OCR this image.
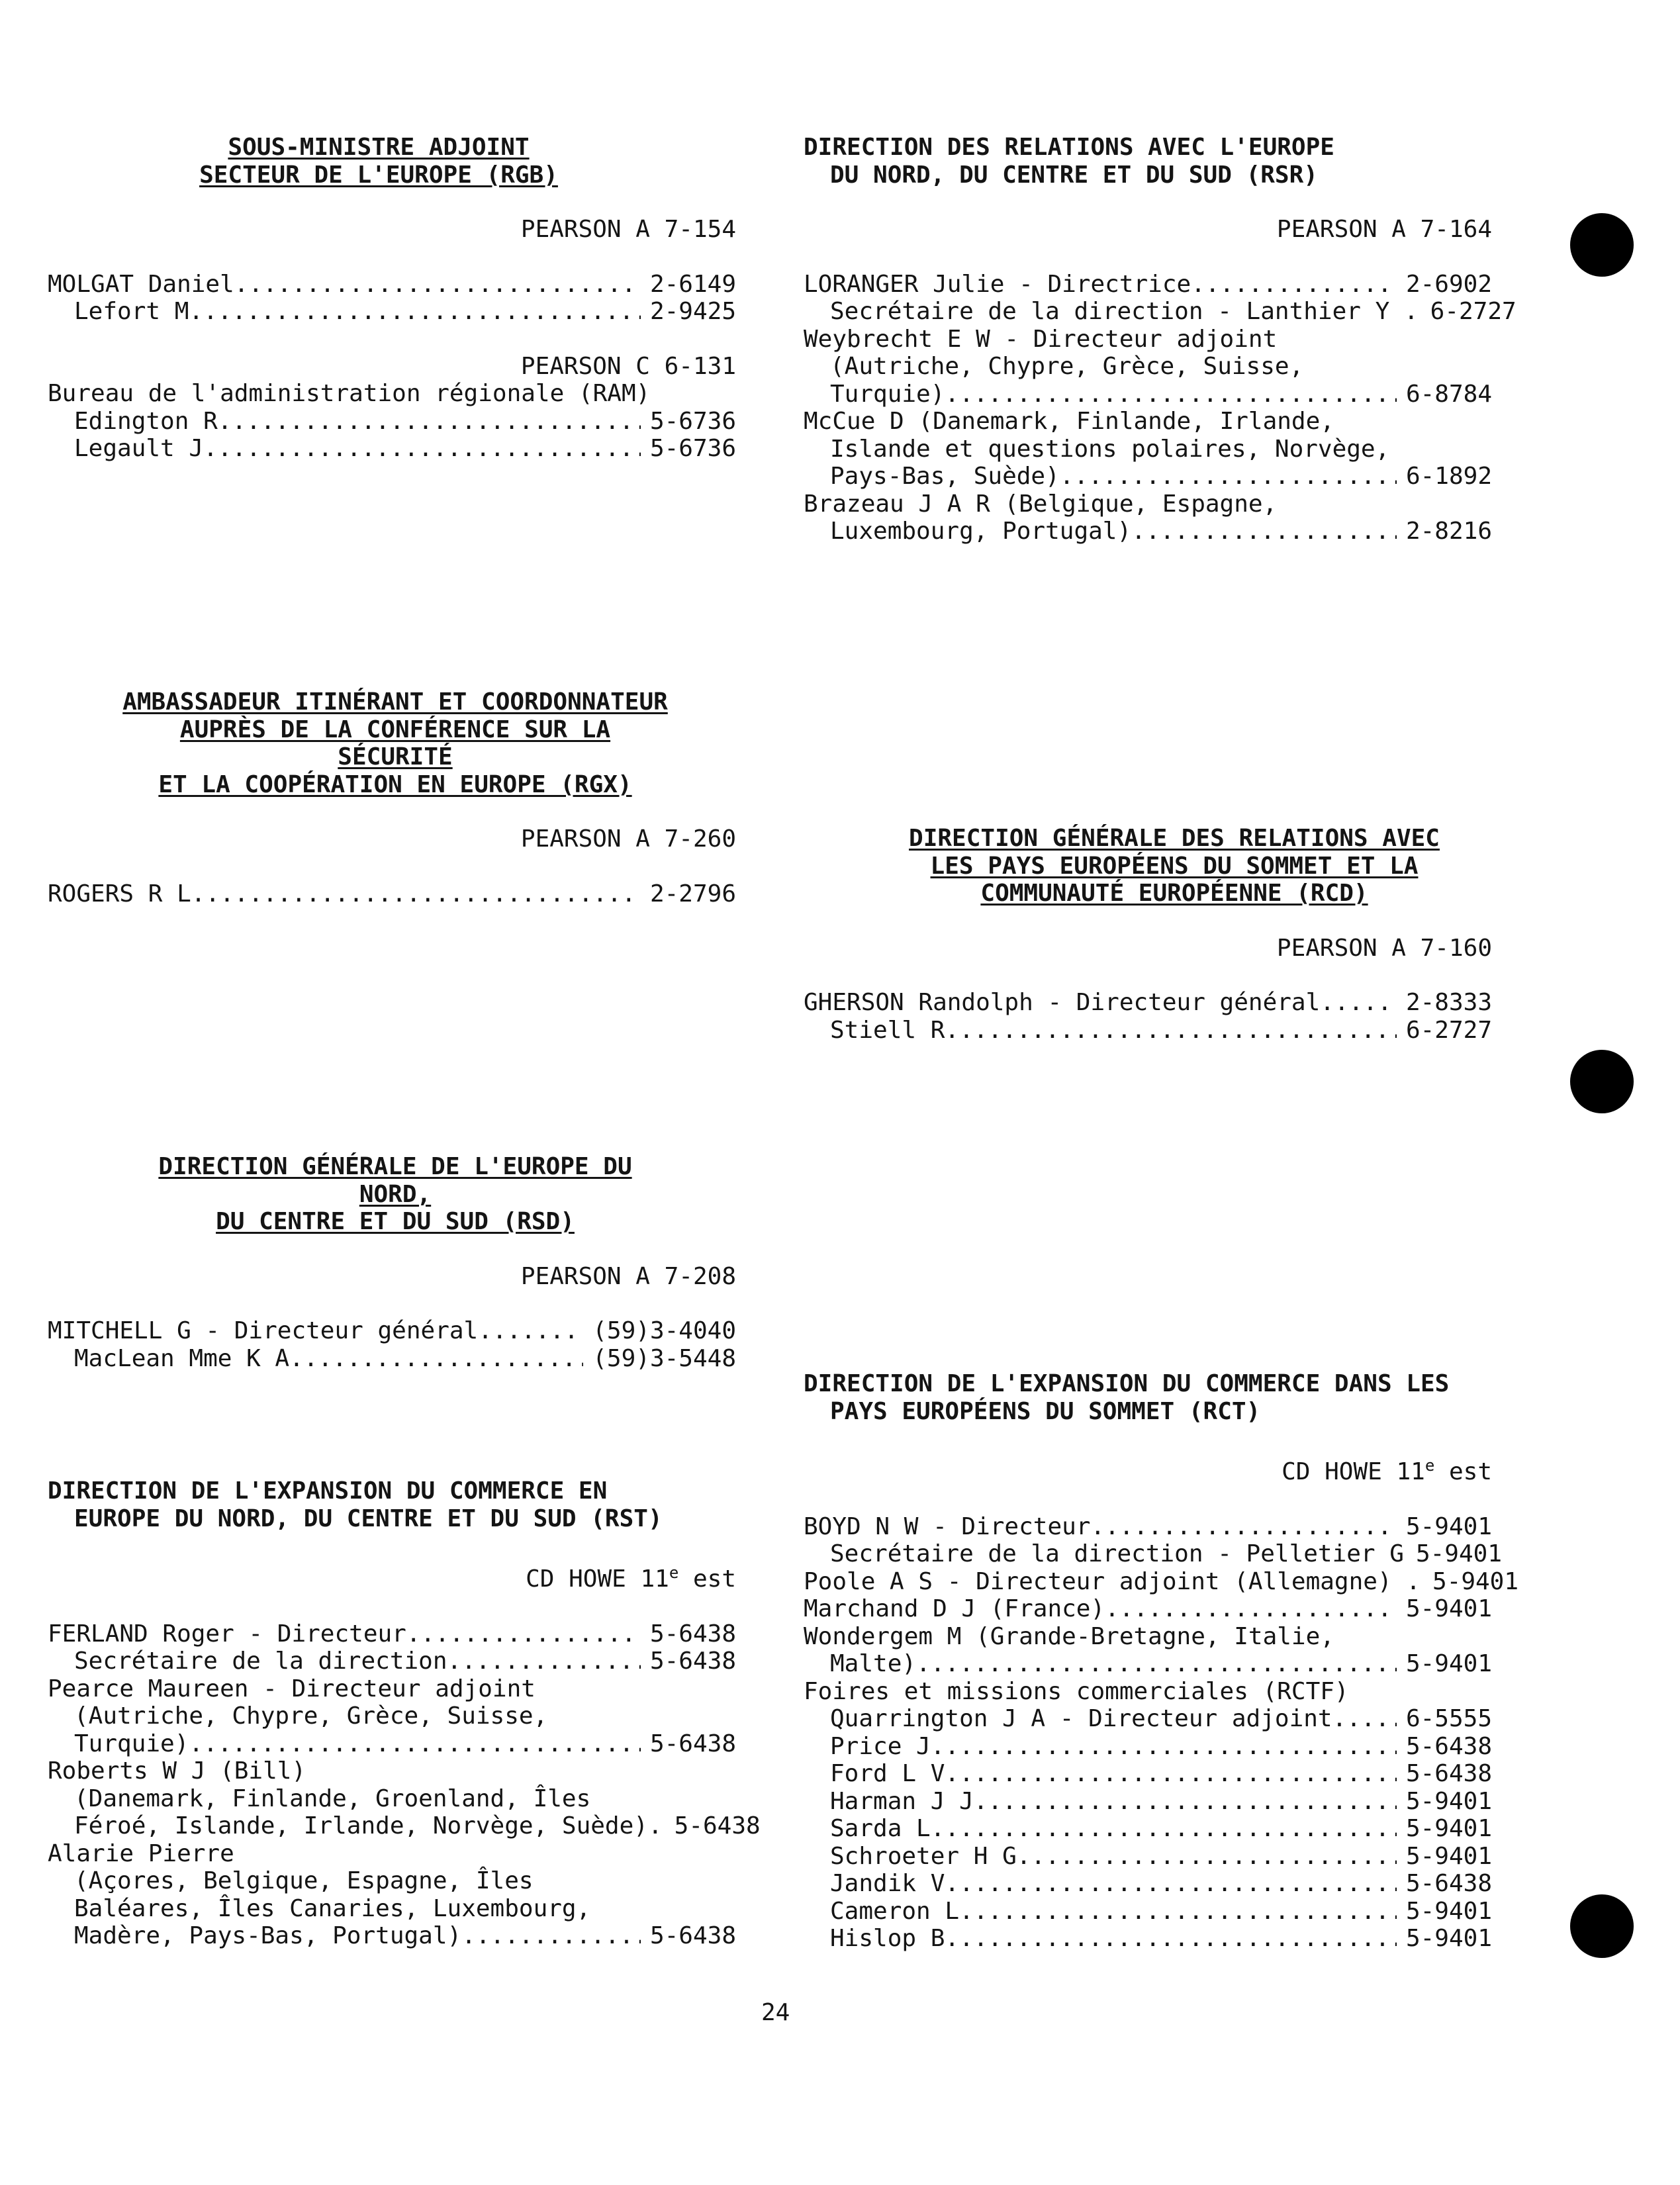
SOUS-MINISTRE ADJOINT
SECTEUR DE L'EUROPE (RGB)
PEARSON A 7-154
MOLGAT Daniel .....	2-6149
Lefort M .....	2-9425
PEARSON C 6-131
Bureau de l'administration régionale (RAM)
Edington R .....	5-6736
Legault J .....	5-6736
AMBASSADEUR ITINÉRANT ET COORDONNATEUR
AUPRÈS DE LA CONFÉRENCE SUR LA SÉCURITÉ
ET LA COOPÉRATION EN EUROPE (RGX)
PEARSON A 7-260
ROGERS R L .....	2-2796
DIRECTION GÉNÉRALE DE L'EUROPE DU NORD,
DU CENTRE ET DU SUD (RSD)
PEARSON A 7-208
MITCHELL G - Directeur général .....	(59)3-4040
MacLean Mme K A .....	(59)3-5448
DIRECTION DE L'EXPANSION DU COMMERCE EN
EUROPE DU NORD, DU CENTRE ET DU SUD (RST)
CD HOWE 11e est
FERLAND Roger - Directeur .....	5-6438
Secrétaire de la direction .....	5-6438
Pearce Maureen - Directeur adjoint
(Autriche, Chypre, Grèce, Suisse,
Turquie) .....	5-6438
Roberts W J (Bill)
(Danemark, Finlande, Groenland, Îles
Féroé, Islande, Irlande, Norvège, Suède). 5-6438
Alarie Pierre
(Açores, Belgique, Espagne, Îles
Baléares, Îles Canaries, Luxembourg,
Madère, Pays-Bas, Portugal) .....	5-6438
DIRECTION DES RELATIONS AVEC L'EUROPE
DU NORD, DU CENTRE ET DU SUD (RSR)
PEARSON A 7-164
LORANGER Julie - Directrice .....	2-6902
Secrétaire de la direction - Lanthier Y . 6-2727
Weybrecht E W - Directeur adjoint
(Autriche, Chypre, Grèce, Suisse,
Turquie) .....	6-8784
McCue D (Danemark, Finlande, Irlande,
Islande et questions polaires, Norvège,
Pays-Bas, Suède) .....	6-1892
Brazeau J A R (Belgique, Espagne,
Luxembourg, Portugal) .....	2-8216
DIRECTION GÉNÉRALE DES RELATIONS AVEC
LES PAYS EUROPÉENS DU SOMMET ET LA
COMMUNAUTÉ EUROPÉENNE (RCD)
PEARSON A 7-160
GHERSON Randolph - Directeur général .....	2-8333
Stiell R .....	6-2727
DIRECTION DE L'EXPANSION DU COMMERCE DANS LES
PAYS EUROPÉENS DU SOMMET (RCT)
CD HOWE 11e est
BOYD N W - Directeur .....	5-9401
Secrétaire de la direction - Pelletier G 5-9401
Poole A S - Directeur adjoint (Allemagne) . 5-9401
Marchand D J (France) .....	5-9401
Wondergem M (Grande-Bretagne, Italie,
Malte) .....	5-9401
Foires et missions commerciales (RCTF)
Quarrington J A - Directeur adjoint .....	6-5555
Price J .....	5-6438
Ford L V .....	5-6438
Harman J J .....	5-9401
Sarda L .....	5-9401
Schroeter H G .....	5-9401
Jandik V .....	5-6438
Cameron L .....	5-9401
Hislop B .....	5-9401
24
